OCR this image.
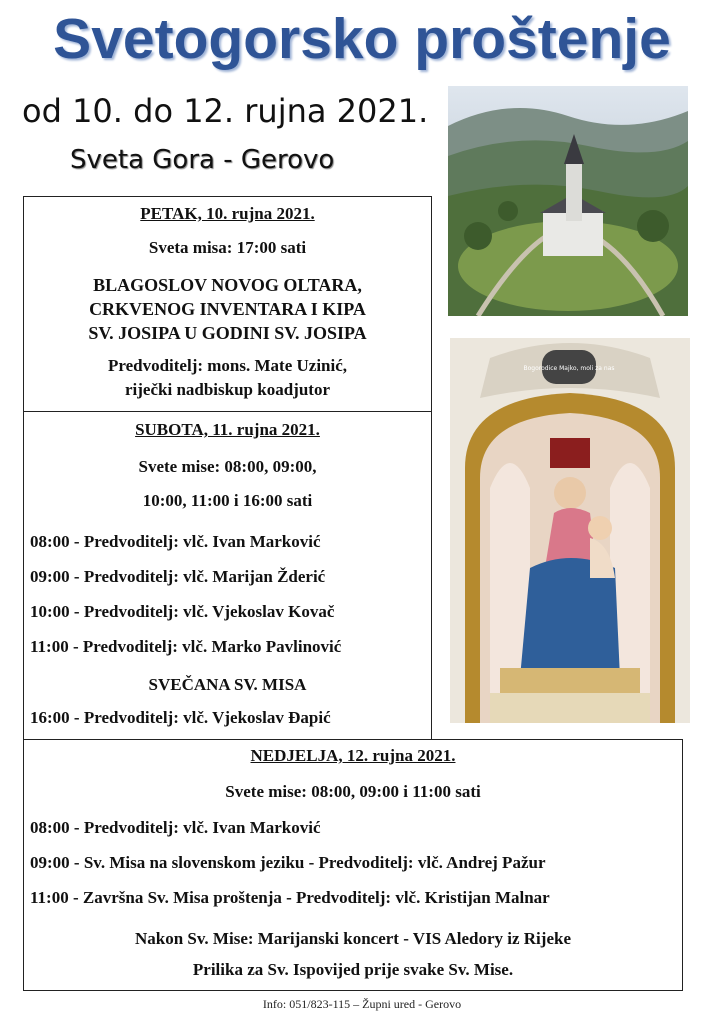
Svetogorsko proštenje
od 10. do 12. rujna 2021.
Sveta Gora - Gerovo
Bogorodice Majko, moli za nas
PETAK, 10. rujna 2021.
Sveta misa: 17:00 sati
BLAGOSLOV NOVOG OLTARA,
CRKVENOG INVENTARA I KIPA
SV. JOSIPA U GODINI SV. JOSIPA
Predvoditelj: mons. Mate Uzinić,
riječki nadbiskup koadjutor
SUBOTA, 11. rujna 2021.
Svete mise: 08:00, 09:00,
10:00, 11:00 i 16:00 sati
08:00 - Predvoditelj: vlč. Ivan Marković
09:00 - Predvoditelj: vlč. Marijan Žderić
10:00 - Predvoditelj: vlč. Vjekoslav Kovač
11:00 - Predvoditelj: vlč. Marko Pavlinović
SVEČANA SV. MISA
16:00 - Predvoditelj: vlč. Vjekoslav Đapić
NEDJELJA, 12. rujna 2021.
Svete mise: 08:00, 09:00 i 11:00 sati
08:00 - Predvoditelj: vlč. Ivan Marković
09:00 - Sv. Misa na slovenskom jeziku - Predvoditelj: vlč. Andrej Pažur
11:00 - Završna Sv. Misa proštenja - Predvoditelj: vlč. Kristijan Malnar
Nakon Sv. Mise: Marijanski koncert - VIS Aledory iz Rijeke
Prilika za Sv. Ispovijed prije svake Sv. Mise.
Info: 051/823-115 – Župni ured - Gerovo
